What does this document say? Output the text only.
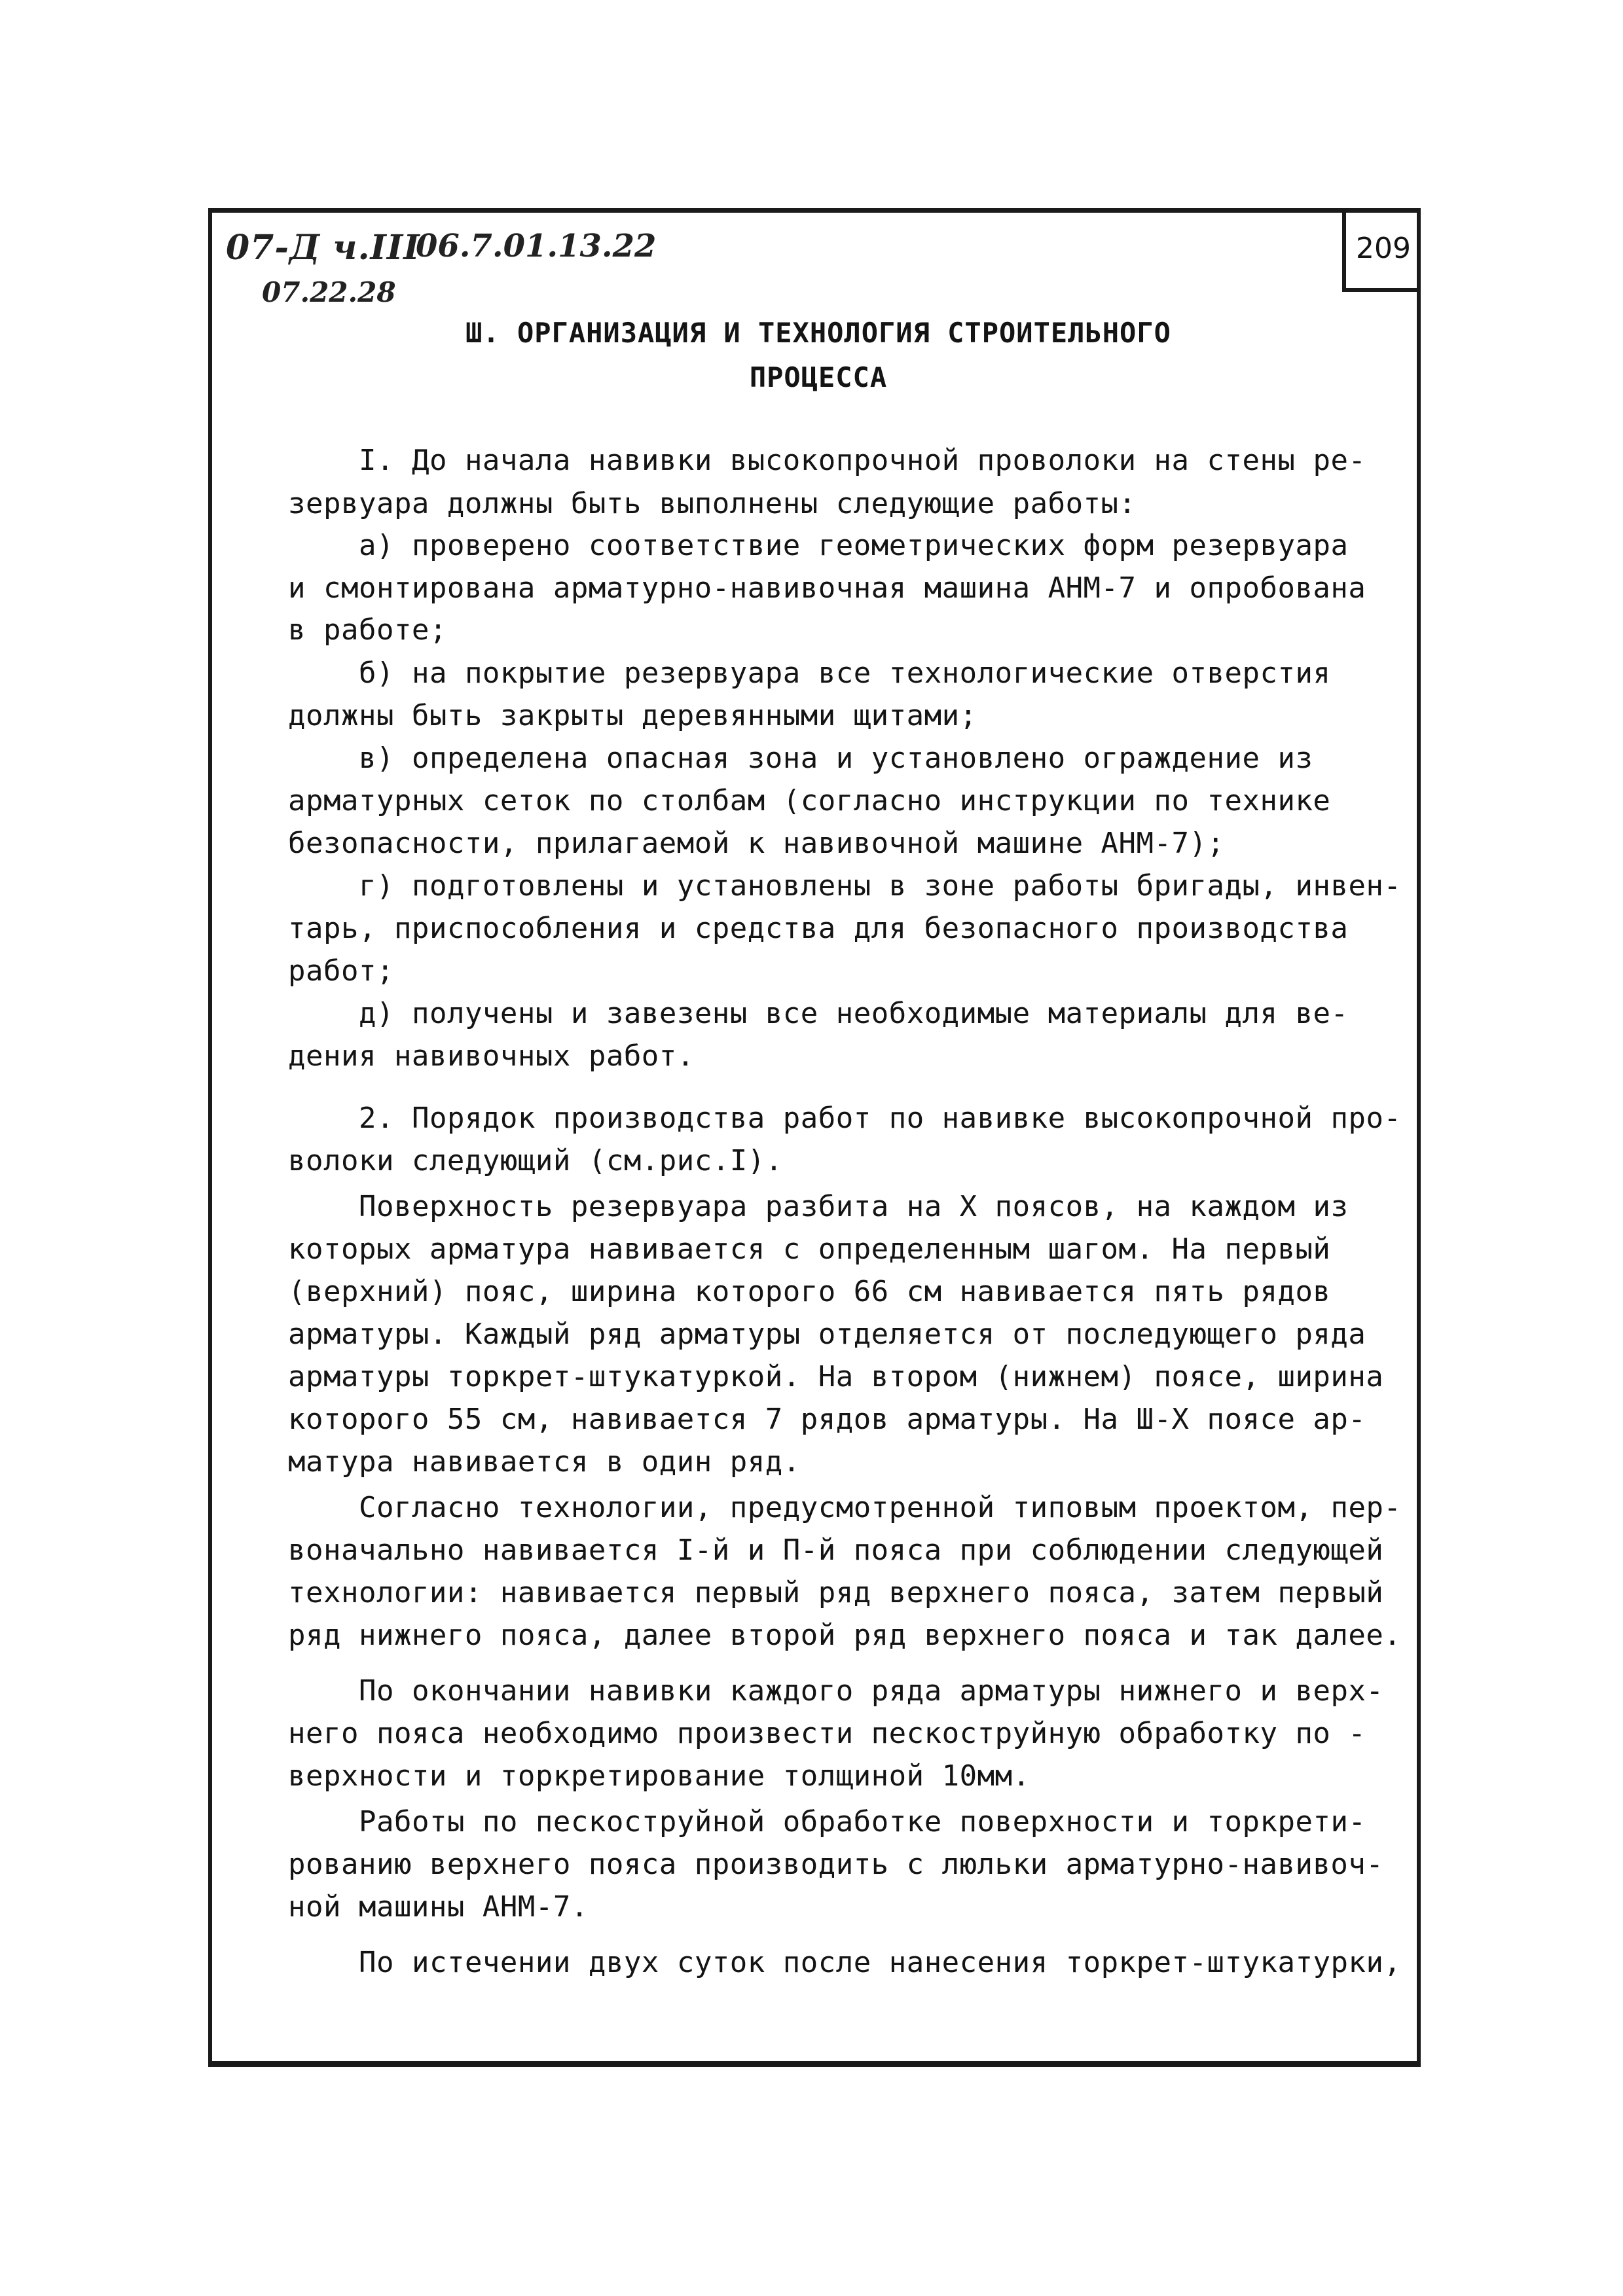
209
07-Д ч.III
06.7.01.13.22
07.22.28
Ш. ОРГАНИЗАЦИЯ И ТЕХНОЛОГИЯ СТРОИТЕЛЬНОГО
ПРОЦЕССА
I. До начала навивки высокопрочной проволоки на стены ре-
зервуара должны быть выполнены следующие работы:
а) проверено соответствие геометрических форм резервуара
и смонтирована арматурно-навивочная машина АНМ-7 и опробована
в работе;
б) на покрытие резервуара все технологические отверстия
должны быть закрыты деревянными щитами;
в) определена опасная зона и установлено ограждение из
арматурных сеток по столбам (согласно инструкции по технике
безопасности, прилагаемой к навивочной машине АНМ-7);
г) подготовлены и установлены в зоне работы бригады, инвен-
тарь, приспособления и средства для безопасного производства
работ;
д) получены и завезены все необходимые материалы для ве-
дения навивочных работ.
2. Порядок производства работ по навивке высокопрочной про-
волоки следующий (см.рис.I).
Поверхность резервуара разбита на Х поясов, на каждом из
которых арматура навивается с определенным шагом. На первый
(верхний) пояс, ширина которого 66 см навивается пять рядов
арматуры. Каждый ряд арматуры отделяется от последующего ряда
арматуры торкрет-штукатуркой. На втором (нижнем) поясе, ширина
которого 55 см, навивается 7 рядов арматуры. На Ш-Х поясе ар-
матура навивается в один ряд.
Согласно технологии, предусмотренной типовым проектом, пер-
воначально навивается I-й и П-й пояса при соблюдении следующей
технологии: навивается первый ряд верхнего пояса, затем первый
ряд нижнего пояса, далее второй ряд верхнего пояса и так далее.
По окончании навивки каждого ряда арматуры нижнего и верх-
него пояса необходимо произвести пескоструйную обработку по -
верхности и торкретирование толщиной 10мм.
Работы по пескоструйной обработке поверхности и торкрети-
рованию верхнего пояса производить с люльки арматурно-навивоч-
ной машины АНМ-7.
По истечении двух суток после нанесения торкрет-штукатурки,
